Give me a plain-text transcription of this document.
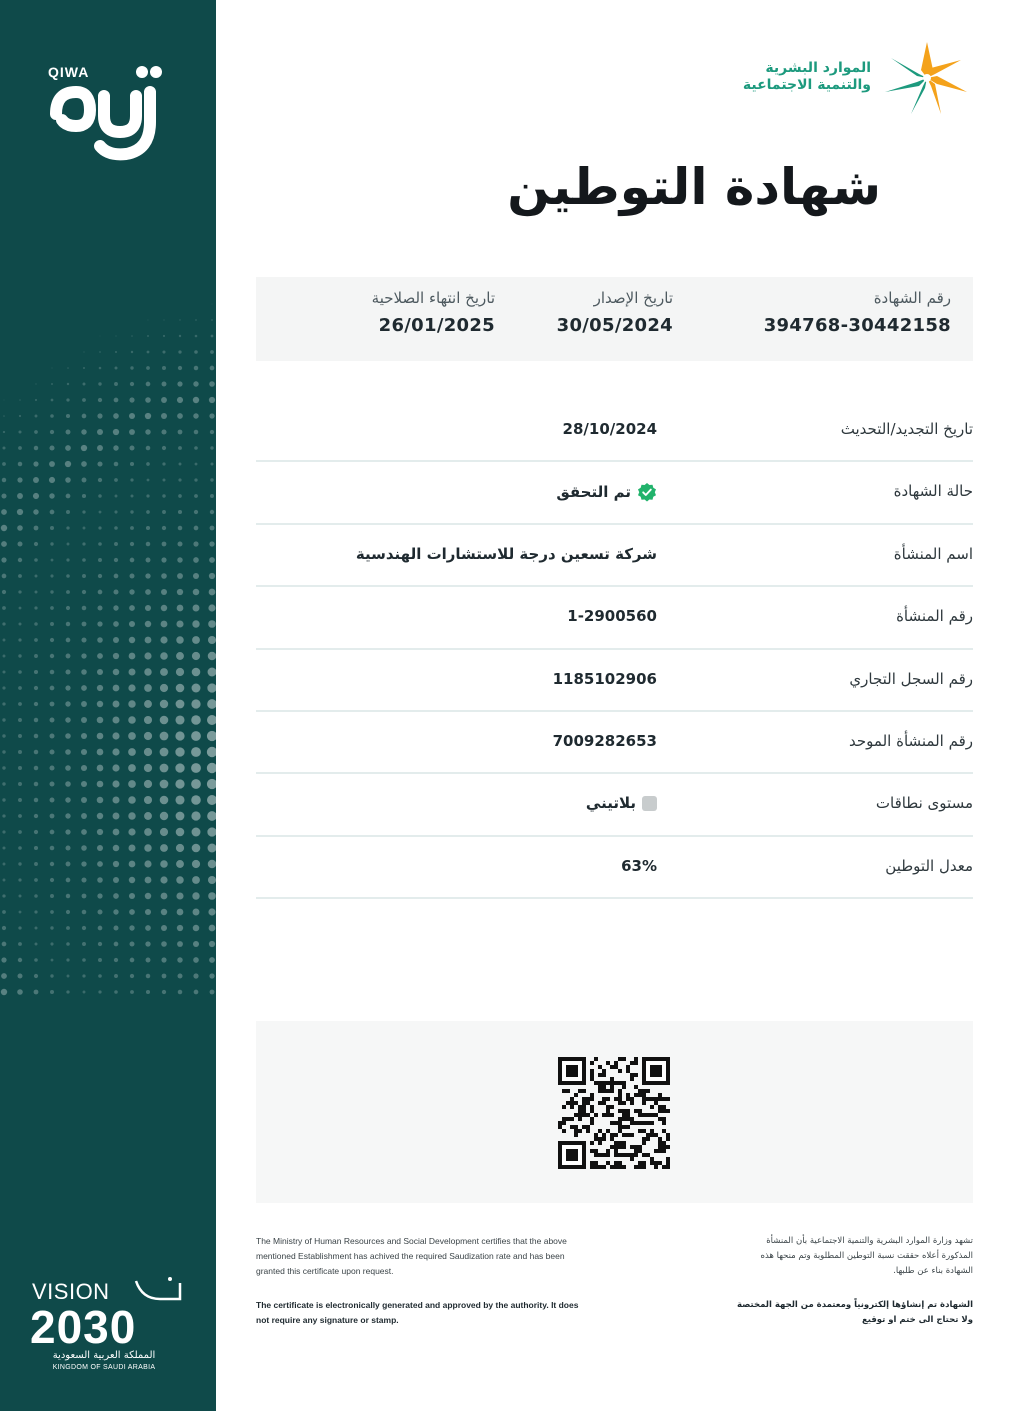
QIWA
VISION
2030
المملكة العربية السعودية
KINGDOM OF SAUDI ARABIA
الموارد البشرية
والتنمية الاجتماعية
شهادة التوطين
رقم الشهادة
394768-30442158
تاريخ الإصدار
30/05/2024
تاريخ انتهاء الصلاحية
26/01/2025
تاريخ التجديد/التحديث
28/10/2024
حالة الشهادة
تم التحقق
اسم المنشأة
شركة تسعين درجة للاستشارات الهندسية
رقم المنشأة
1-2900560
رقم السجل التجاري
1185102906
رقم المنشأة الموحد
7009282653
مستوى نطاقات
بلاتيني
معدل التوطين
63%
The Ministry of Human Resources and Social Development certifies that the above mentioned Establishment has achived the required Saudization rate and has been granted this certificate upon request.
The certificate is electronically generated and approved by the authority. It does not require any signature or stamp.
تشهد وزارة الموارد البشرية والتنمية الاجتماعية بأن المنشأة المذكورة أعلاه حققت نسبة التوطين المطلوبة وتم منحها هذه الشهادة بناء عن طلبها.
الشهادة تم إنشاؤها إلكترونياً ومعتمدة من الجهة المختصة ولا تحتاج الى ختم او توقيع
